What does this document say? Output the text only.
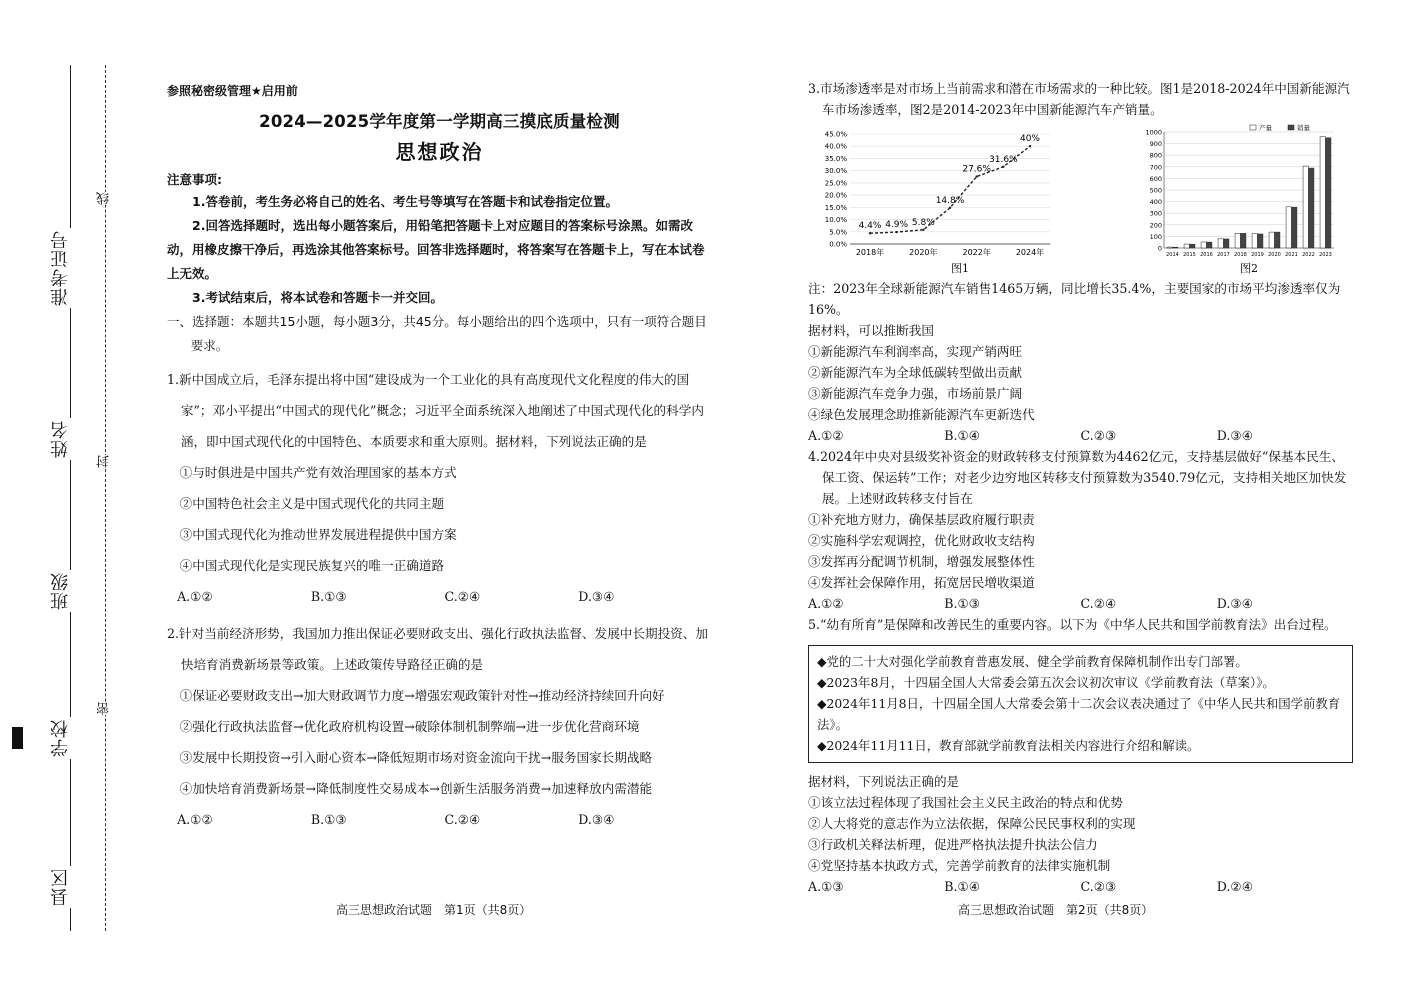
准考证号
姓名
班级
学校
县区
线
封
密
参照秘密级管理★启用前
2024—2025学年度第一学期高三摸底质量检测
思想政治
注意事项:

1.答卷前，考生务必将自己的姓名、考生号等填写在答题卡和试卷指定位置。

2.回答选择题时，选出每小题答案后，用铅笔把答题卡上对应题目的答案标号涂黑。如需改动，用橡皮擦干净后，再选涂其他答案标号。回答非选择题时，将答案写在答题卡上，写在本试卷上无效。

3.考试结束后，将本试卷和答题卡一并交回。

一、选择题：本题共15小题，每小题3分，共45分。每小题给出的四个选项中，只有一项符合题目要求。
1.新中国成立后，毛泽东提出将中国“建设成为一个工业化的具有高度现代文化程度的伟大的国家”；邓小平提出“中国式的现代化”概念；习近平全面系统深入地阐述了中国式现代化的科学内涵，即中国式现代化的中国特色、本质要求和重大原则。据材料，下列说法正确的是
①与时俱进是中国共产党有效治理国家的基本方式
②中国特色社会主义是中国式现代化的共同主题
③中国式现代化为推动世界发展进程提供中国方案
④中国式现代化是实现民族复兴的唯一正确道路
A.①②	B.①③	C.②④	D.③④
2.针对当前经济形势，我国加力推出保证必要财政支出、强化行政执法监督、发展中长期投资、加快培育消费新场景等政策。上述政策传导路径正确的是
①保证必要财政支出→加大财政调节力度→增强宏观政策针对性→推动经济持续回升向好
②强化行政执法监督→优化政府机构设置→破除体制机制弊端→进一步优化营商环境
③发展中长期投资→引入耐心资本→降低短期市场对资金流向干扰→服务国家长期战略
④加快培育消费新场景→降低制度性交易成本→创新生活服务消费→加速释放内需潜能
A.①②	B.①③	C.②④	D.③④
高三思想政治试题　第1页（共8页）
3.市场渗透率是对市场上当前需求和潜在市场需求的一种比较。图1是2018-2024年中国新能源汽车市场渗透率，图2是2014-2023年中国新能源汽车产销量。
0.0%
5.0%
10.0%
15.0%
20.0%
25.0%
30.0%
35.0%
40.0%
45.0%
2018年	2020年	2022年	2024年
4.4% 4.9% 5.8%
14.8%
27.6%
31.6%
40%
图1
0
100
200
300
400
500
600
700
800
900
1000
2014 2015 2016 2017 2018 2019 2020 2021 2022 2023
产量	销量
图2
注：2023年全球新能源汽车销售1465万辆，同比增长35.4%，主要国家的市场平均渗透率仅为16%。
据材料，可以推断我国
①新能源汽车利润率高，实现产销两旺
②新能源汽车为全球低碳转型做出贡献
③新能源汽车竞争力强，市场前景广阔
④绿色发展理念助推新能源汽车更新迭代
A.①②	B.①④	C.②③	D.③④
4.2024年中央对县级奖补资金的财政转移支付预算数为4462亿元，支持基层做好“保基本民生、保工资、保运转”工作；对老少边穷地区转移支付预算数为3540.79亿元，支持相关地区加快发展。上述财政转移支付旨在
①补充地方财力，确保基层政府履行职责
②实施科学宏观调控，优化财政收支结构
③发挥再分配调节机制，增强发展整体性
④发挥社会保障作用，拓宽居民增收渠道
A.①②	B.①③	C.②④	D.③④
5.“幼有所育”是保障和改善民生的重要内容。以下为《中华人民共和国学前教育法》出台过程。
◆党的二十大对强化学前教育普惠发展、健全学前教育保障机制作出专门部署。
◆2023年8月，十四届全国人大常委会第五次会议初次审议《学前教育法（草案）》。
◆2024年11月8日，十四届全国人大常委会第十二次会议表决通过了《中华人民共和国学前教育法》。
◆2024年11月11日，教育部就学前教育法相关内容进行介绍和解读。
据材料，下列说法正确的是
①该立法过程体现了我国社会主义民主政治的特点和优势
②人大将党的意志作为立法依据，保障公民民事权利的实现
③行政机关释法析理，促进严格执法提升执法公信力
④党坚持基本执政方式，完善学前教育的法律实施机制
A.①③	B.①④	C.②③	D.②④
高三思想政治试题　第2页（共8页）
